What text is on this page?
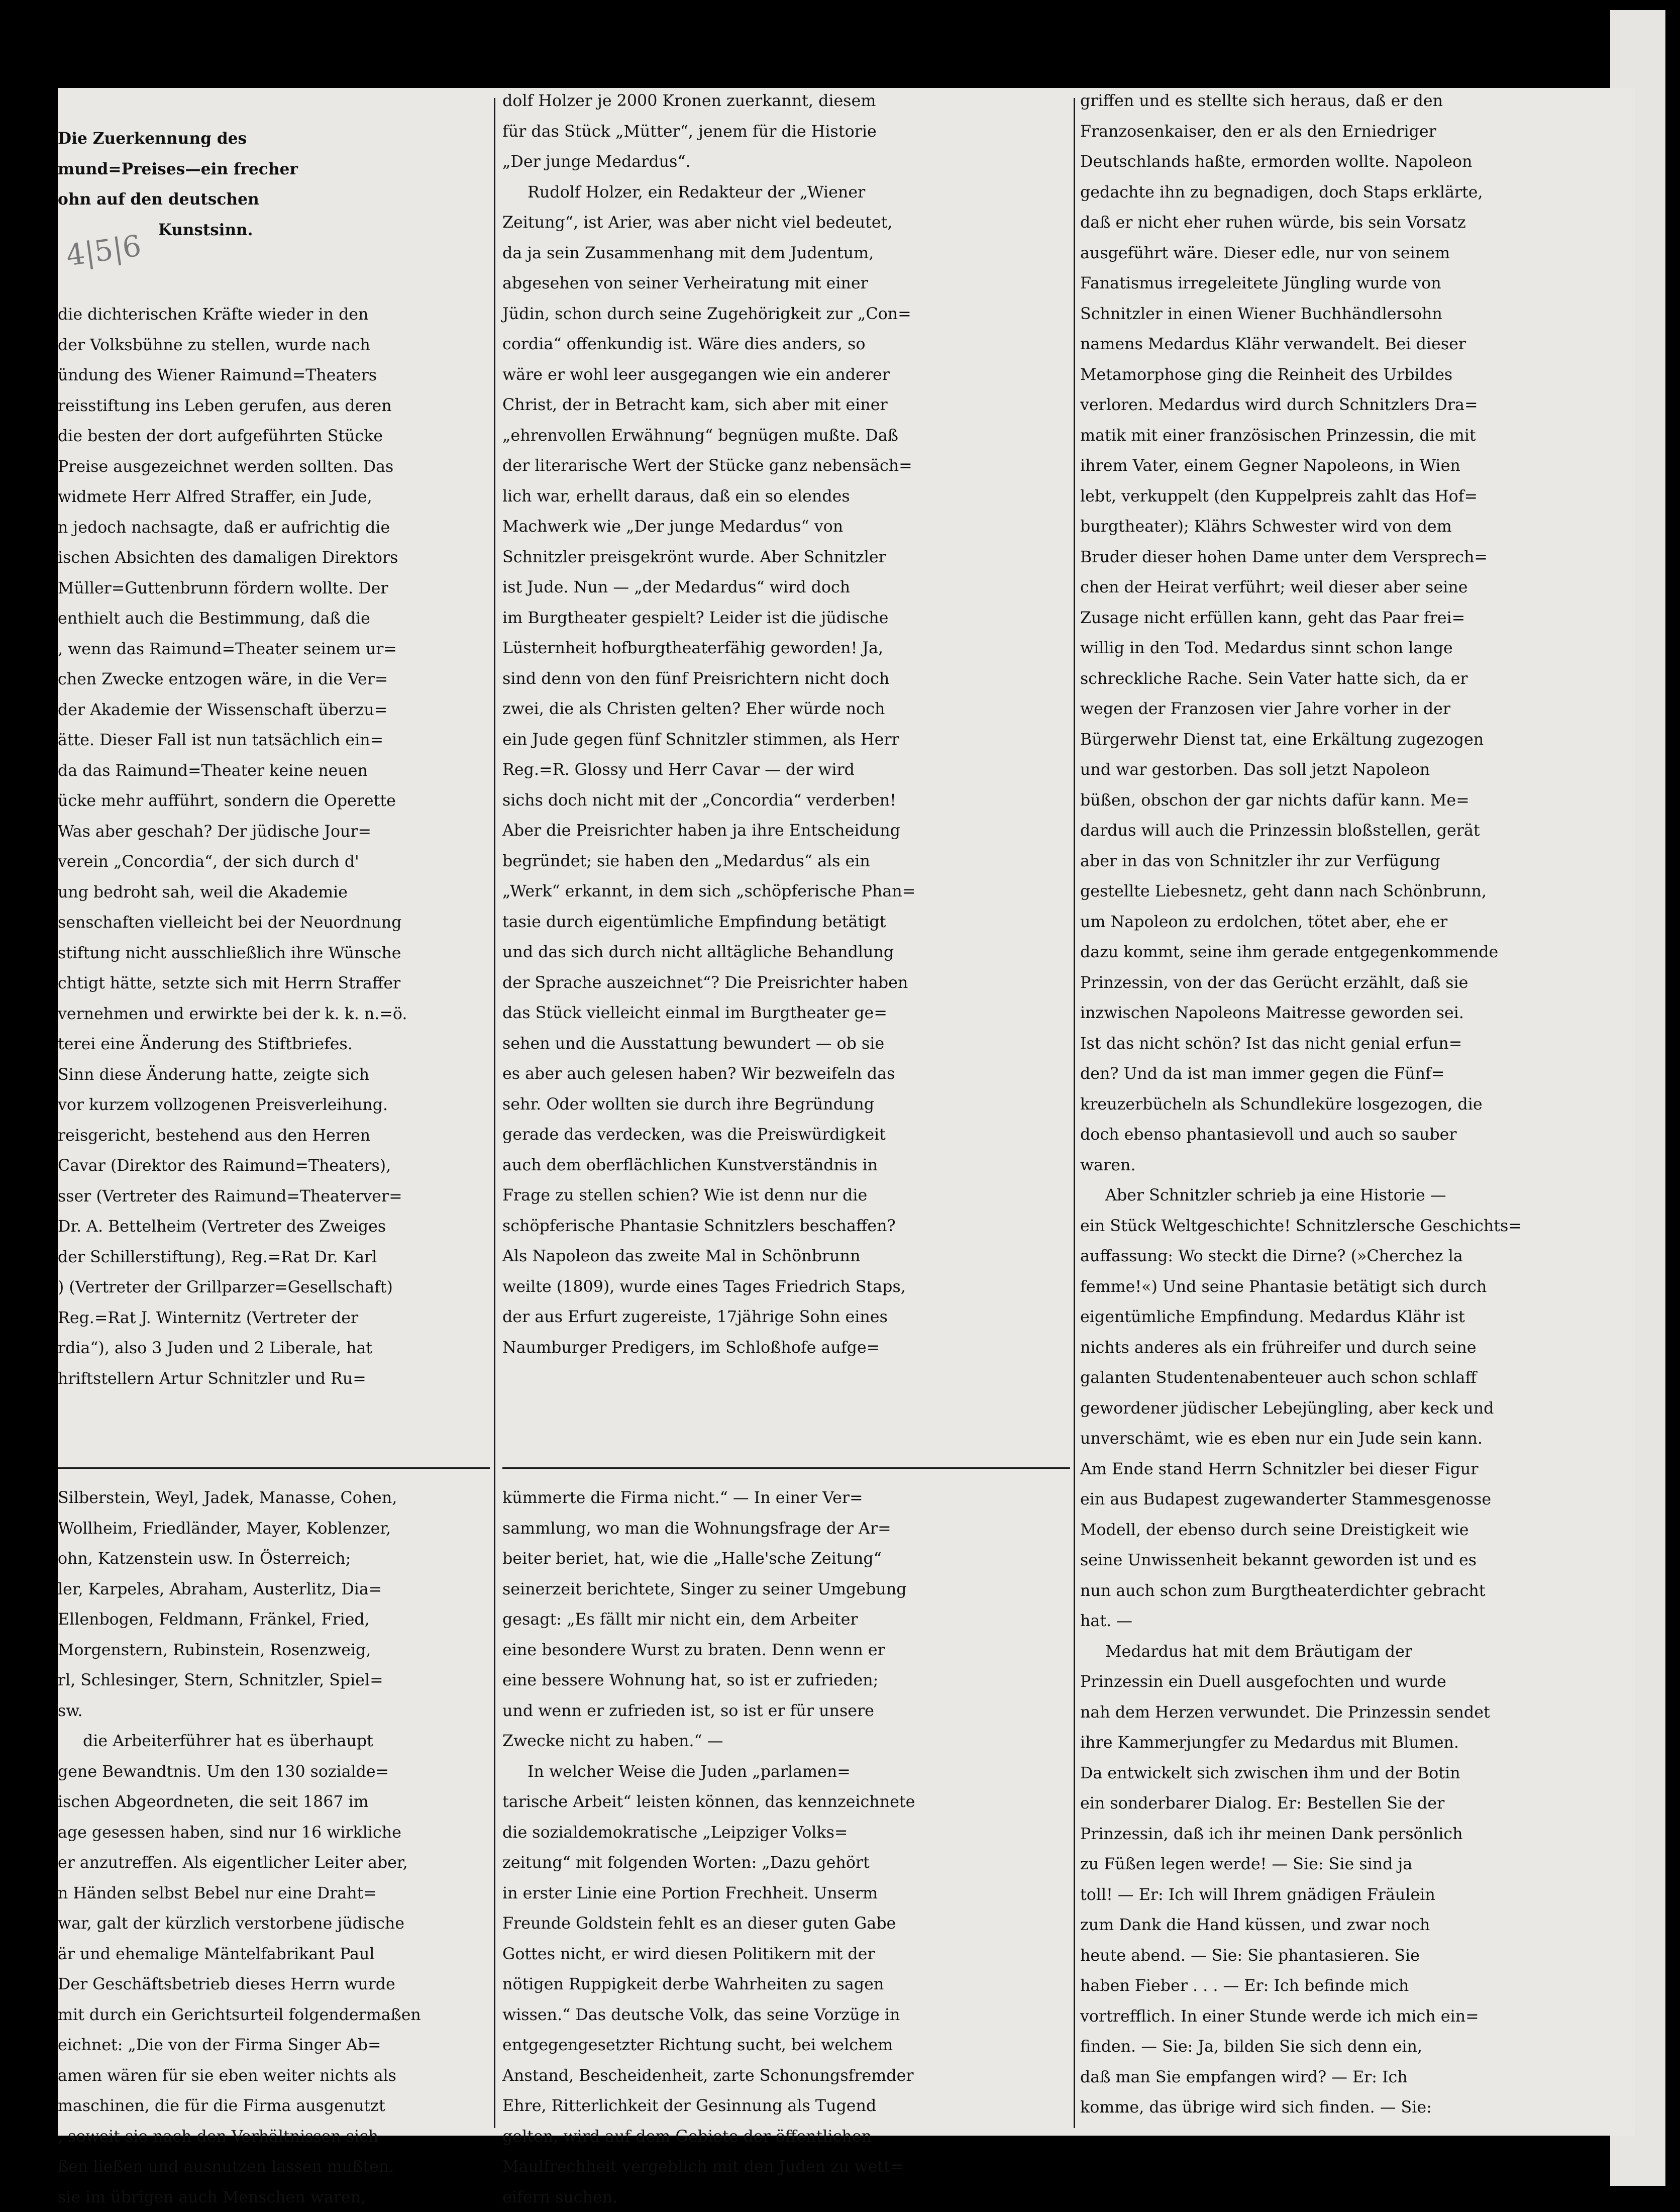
Die Zuerkennung des

mund=Preises—ein frecher

ohn auf den deutschen

Kunstsinn.

4|5|6

die dichterischen Kräfte wieder in den

der Volksbühne zu stellen, wurde nach

ündung des Wiener Raimund=Theaters

reisstiftung ins Leben gerufen, aus deren

die besten der dort aufgeführten Stücke

Preise ausgezeichnet werden sollten. Das

widmete Herr Alfred Straffer, ein Jude,

n jedoch nachsagte, daß er aufrichtig die

ischen Absichten des damaligen Direktors

Müller=Guttenbrunn fördern wollte. Der

enthielt auch die Bestimmung, daß die

, wenn das Raimund=Theater seinem ur=

chen Zwecke entzogen wäre, in die Ver=

der Akademie der Wissenschaft überzu=

ätte. Dieser Fall ist nun tatsächlich ein=

da das Raimund=Theater keine neuen

ücke mehr aufführt, sondern die Operette

Was aber geschah? Der jüdische Jour=

verein „Concordia“, der sich durch d'

ung bedroht sah, weil die Akademie

senschaften vielleicht bei der Neuordnung

stiftung nicht ausschließlich ihre Wünsche

chtigt hätte, setzte sich mit Herrn Straffer

vernehmen und erwirkte bei der k. k. n.=ö.

terei eine Änderung des Stiftbriefes.

Sinn diese Änderung hatte, zeigte sich

vor kurzem vollzogenen Preisverleihung.

reisgericht, bestehend aus den Herren

Cavar (Direktor des Raimund=Theaters),

sser (Vertreter des Raimund=Theaterver=

Dr. A. Bettelheim (Vertreter des Zweiges

der Schillerstiftung), Reg.=Rat Dr. Karl

) (Vertreter der Grillparzer=Gesellschaft)

Reg.=Rat J. Winternitz (Vertreter der

rdia“), also 3 Juden und 2 Liberale, hat

hriftstellern Artur Schnitzler und Ru=

Silberstein, Weyl, Jadek, Manasse, Cohen,

Wollheim, Friedländer, Mayer, Koblenzer,

ohn, Katzenstein usw. In Österreich;

ler, Karpeles, Abraham, Austerlitz, Dia=

Ellenbogen, Feldmann, Fränkel, Fried,

Morgenstern, Rubinstein, Rosenzweig,

rl, Schlesinger, Stern, Schnitzler, Spiel=

sw.

die Arbeiterführer hat es überhaupt

gene Bewandtnis. Um den 130 sozialde=

ischen Abgeordneten, die seit 1867 im

age gesessen haben, sind nur 16 wirkliche

er anzutreffen. Als eigentlicher Leiter aber,

n Händen selbst Bebel nur eine Draht=

war, galt der kürzlich verstorbene jüdische

är und ehemalige Mäntelfabrikant Paul

Der Geschäftsbetrieb dieses Herrn wurde

mit durch ein Gerichtsurteil folgendermaßen

eichnet: „Die von der Firma Singer Ab=

amen wären für sie eben weiter nichts als

maschinen, die für die Firma ausgenutzt

, soweit sie nach den Verhältnissen sich

ßen ließen und ausnutzen lassen mußten.

sie im übrigen auch Menschen waren,

dolf Holzer je 2000 Kronen zuerkannt, diesem

für das Stück „Mütter“, jenem für die Historie

„Der junge Medardus“.

Rudolf Holzer, ein Redakteur der „Wiener

Zeitung“, ist Arier, was aber nicht viel bedeutet,

da ja sein Zusammenhang mit dem Judentum,

abgesehen von seiner Verheiratung mit einer

Jüdin, schon durch seine Zugehörigkeit zur „Con=

cordia“ offenkundig ist. Wäre dies anders, so

wäre er wohl leer ausgegangen wie ein anderer

Christ, der in Betracht kam, sich aber mit einer

„ehrenvollen Erwähnung“ begnügen mußte. Daß

der literarische Wert der Stücke ganz nebensäch=

lich war, erhellt daraus, daß ein so elendes

Machwerk wie „Der junge Medardus“ von

Schnitzler preisgekrönt wurde. Aber Schnitzler

ist Jude. Nun — „der Medardus“ wird doch

im Burgtheater gespielt? Leider ist die jüdische

Lüsternheit hofburgtheaterfähig geworden! Ja,

sind denn von den fünf Preisrichtern nicht doch

zwei, die als Christen gelten? Eher würde noch

ein Jude gegen fünf Schnitzler stimmen, als Herr

Reg.=R. Glossy und Herr Cavar — der wird

sichs doch nicht mit der „Concordia“ verderben!

Aber die Preisrichter haben ja ihre Entscheidung

begründet; sie haben den „Medardus“ als ein

„Werk“ erkannt, in dem sich „schöpferische Phan=

tasie durch eigentümliche Empfindung betätigt

und das sich durch nicht alltägliche Behandlung

der Sprache auszeichnet“? Die Preisrichter haben

das Stück vielleicht einmal im Burgtheater ge=

sehen und die Ausstattung bewundert — ob sie

es aber auch gelesen haben? Wir bezweifeln das

sehr. Oder wollten sie durch ihre Begründung

gerade das verdecken, was die Preiswürdigkeit

auch dem oberflächlichen Kunstverständnis in

Frage zu stellen schien? Wie ist denn nur die

schöpferische Phantasie Schnitzlers beschaffen?

Als Napoleon das zweite Mal in Schönbrunn

weilte (1809), wurde eines Tages Friedrich Staps,

der aus Erfurt zugereiste, 17jährige Sohn eines

Naumburger Predigers, im Schloßhofe aufge=

kümmerte die Firma nicht.“ — In einer Ver=

sammlung, wo man die Wohnungsfrage der Ar=

beiter beriet, hat, wie die „Halle'sche Zeitung“

seinerzeit berichtete, Singer zu seiner Umgebung

gesagt: „Es fällt mir nicht ein, dem Arbeiter

eine besondere Wurst zu braten. Denn wenn er

eine bessere Wohnung hat, so ist er zufrieden;

und wenn er zufrieden ist, so ist er für unsere

Zwecke nicht zu haben.“ —

In welcher Weise die Juden „parlamen=

tarische Arbeit“ leisten können, das kennzeichnete

die sozialdemokratische „Leipziger Volks=

zeitung“ mit folgenden Worten: „Dazu gehört

in erster Linie eine Portion Frechheit. Unserm

Freunde Goldstein fehlt es an dieser guten Gabe

Gottes nicht, er wird diesen Politikern mit der

nötigen Ruppigkeit derbe Wahrheiten zu sagen

wissen.“ Das deutsche Volk, das seine Vorzüge in

entgegengesetzter Richtung sucht, bei welchem

Anstand, Bescheidenheit, zarte Schonungsfremder

Ehre, Ritterlichkeit der Gesinnung als Tugend

gelten, wird auf dem Gebiete der öffentlichen

Maulfrechheit vergeblich mit den Juden zu wett=

eifern suchen.

griffen und es stellte sich heraus, daß er den

Franzosenkaiser, den er als den Erniedriger

Deutschlands haßte, ermorden wollte. Napoleon

gedachte ihn zu begnadigen, doch Staps erklärte,

daß er nicht eher ruhen würde, bis sein Vorsatz

ausgeführt wäre. Dieser edle, nur von seinem

Fanatismus irregeleitete Jüngling wurde von

Schnitzler in einen Wiener Buchhändlersohn

namens Medardus Klähr verwandelt. Bei dieser

Metamorphose ging die Reinheit des Urbildes

verloren. Medardus wird durch Schnitzlers Dra=

matik mit einer französischen Prinzessin, die mit

ihrem Vater, einem Gegner Napoleons, in Wien

lebt, verkuppelt (den Kuppelpreis zahlt das Hof=

burgtheater); Klährs Schwester wird von dem

Bruder dieser hohen Dame unter dem Versprech=

chen der Heirat verführt; weil dieser aber seine

Zusage nicht erfüllen kann, geht das Paar frei=

willig in den Tod. Medardus sinnt schon lange

schreckliche Rache. Sein Vater hatte sich, da er

wegen der Franzosen vier Jahre vorher in der

Bürgerwehr Dienst tat, eine Erkältung zugezogen

und war gestorben. Das soll jetzt Napoleon

büßen, obschon der gar nichts dafür kann. Me=

dardus will auch die Prinzessin bloßstellen, gerät

aber in das von Schnitzler ihr zur Verfügung

gestellte Liebesnetz, geht dann nach Schönbrunn,

um Napoleon zu erdolchen, tötet aber, ehe er

dazu kommt, seine ihm gerade entgegenkommende

Prinzessin, von der das Gerücht erzählt, daß sie

inzwischen Napoleons Maitresse geworden sei.

Ist das nicht schön? Ist das nicht genial erfun=

den? Und da ist man immer gegen die Fünf=

kreuzerbücheln als Schundleküre losgezogen, die

doch ebenso phantasievoll und auch so sauber

waren.

Aber Schnitzler schrieb ja eine Historie —

ein Stück Weltgeschichte! Schnitzlersche Geschichts=

auffassung: Wo steckt die Dirne? (»Cherchez la

femme!«) Und seine Phantasie betätigt sich durch

eigentümliche Empfindung. Medardus Klähr ist

nichts anderes als ein frühreifer und durch seine

galanten Studentenabenteuer auch schon schlaff

gewordener jüdischer Lebejüngling, aber keck und

unverschämt, wie es eben nur ein Jude sein kann.

Am Ende stand Herrn Schnitzler bei dieser Figur

ein aus Budapest zugewanderter Stammesgenosse

Modell, der ebenso durch seine Dreistigkeit wie

seine Unwissenheit bekannt geworden ist und es

nun auch schon zum Burgtheaterdichter gebracht

hat. —

Medardus hat mit dem Bräutigam der

Prinzessin ein Duell ausgefochten und wurde

nah dem Herzen verwundet. Die Prinzessin sendet

ihre Kammerjungfer zu Medardus mit Blumen.

Da entwickelt sich zwischen ihm und der Botin

ein sonderbarer Dialog. Er: Bestellen Sie der

Prinzessin, daß ich ihr meinen Dank persönlich

zu Füßen legen werde! — Sie: Sie sind ja

toll! — Er: Ich will Ihrem gnädigen Fräulein

zum Dank die Hand küssen, und zwar noch

heute abend. — Sie: Sie phantasieren. Sie

haben Fieber . . . — Er: Ich befinde mich

vortrefflich. In einer Stunde werde ich mich ein=

finden. — Sie: Ja, bilden Sie sich denn ein,

daß man Sie empfangen wird? — Er: Ich

komme, das übrige wird sich finden. — Sie:
